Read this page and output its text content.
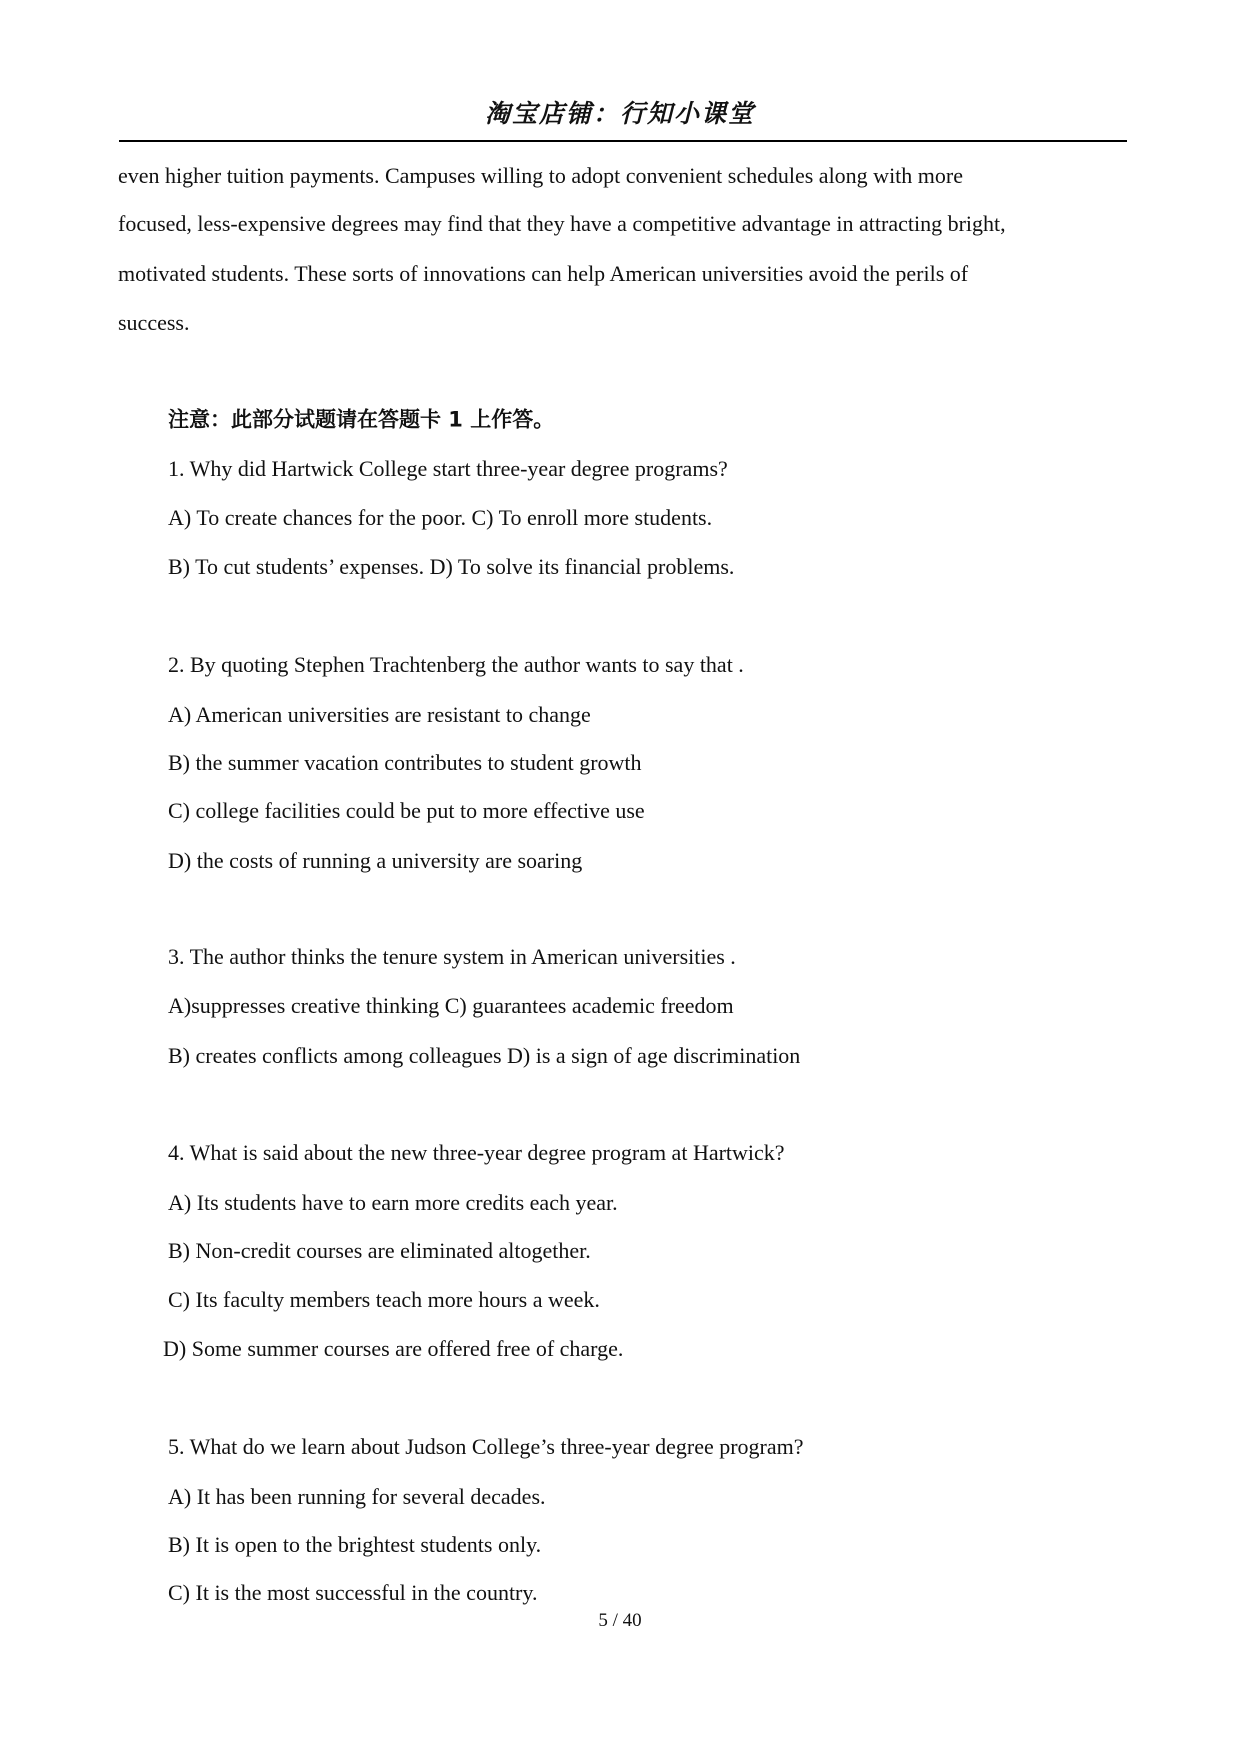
淘宝店铺：行知小课堂
even higher tuition payments. Campuses willing to adopt convenient schedules along with more
focused, less-expensive degrees may find that they have a competitive advantage in attracting bright,
motivated students. These sorts of innovations can help American universities avoid the perils of
success.
注意：此部分试题请在答题卡 1 上作答。
1. Why did Hartwick College start three-year degree programs?
A) To create chances for the poor. C) To enroll more students.
B) To cut students’ expenses. D) To solve its financial problems.
2. By quoting Stephen Trachtenberg the author wants to say that .
A) American universities are resistant to change
B) the summer vacation contributes to student growth
C) college facilities could be put to more effective use
D) the costs of running a university are soaring
3. The author thinks the tenure system in American universities .
A)suppresses creative thinking C) guarantees academic freedom
B) creates conflicts among colleagues D) is a sign of age discrimination
4. What is said about the new three-year degree program at Hartwick?
A) Its students have to earn more credits each year.
B) Non-credit courses are eliminated altogether.
C) Its faculty members teach more hours a week.
D) Some summer courses are offered free of charge.
5. What do we learn about Judson College’s three-year degree program?
A) It has been running for several decades.
B) It is open to the brightest students only.
C) It is the most successful in the country.
5 / 40
